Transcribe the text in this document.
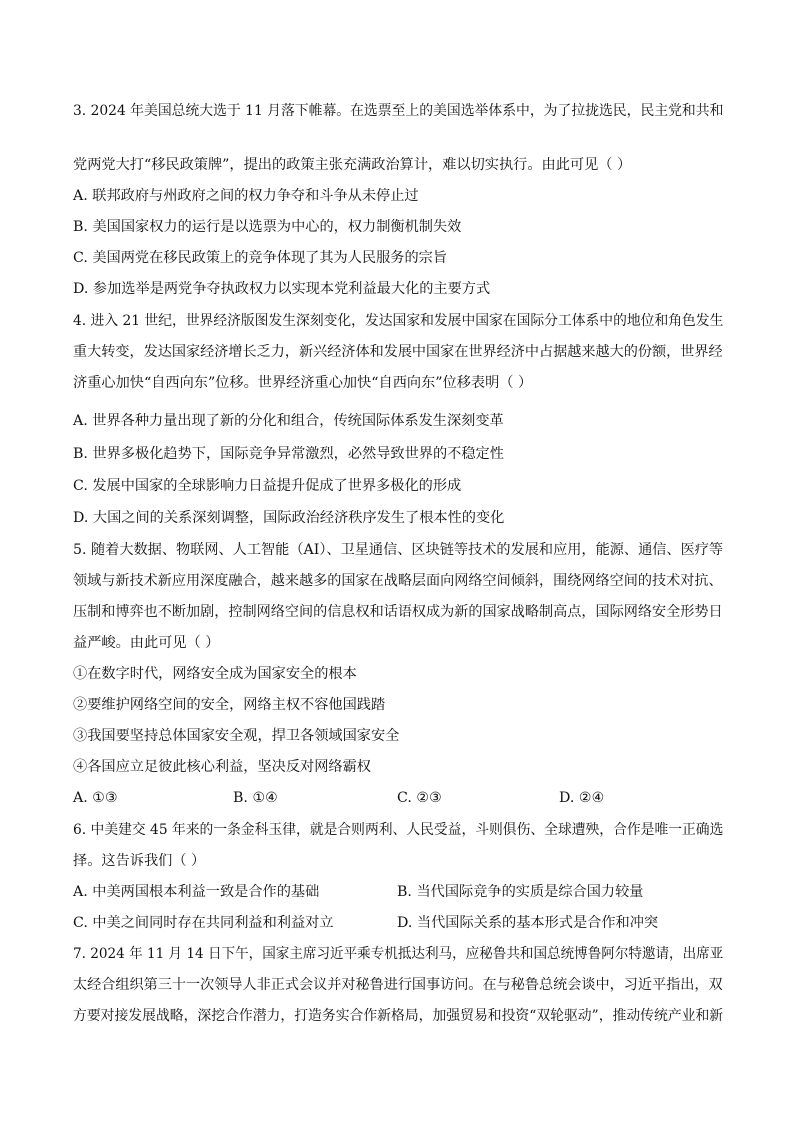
3. 2024 年美国总统大选于 11 月落下帷幕。在选票至上的美国选举体系中，为了拉拢选民，民主党和共和
党两党大打“移民政策牌”，提出的政策主张充满政治算计，难以切实执行。由此可见（ ）
A. 联邦政府与州政府之间的权力争夺和斗争从未停止过
B. 美国国家权力的运行是以选票为中心的，权力制衡机制失效
C. 美国两党在移民政策上的竞争体现了其为人民服务的宗旨
D. 参加选举是两党争夺执政权力以实现本党利益最大化的主要方式
4. 进入 21 世纪，世界经济版图发生深刻变化，发达国家和发展中国家在国际分工体系中的地位和角色发生
重大转变，发达国家经济增长乏力，新兴经济体和发展中国家在世界经济中占据越来越大的份额，世界经
济重心加快“自西向东”位移。世界经济重心加快“自西向东”位移表明（ ）
A. 世界各种力量出现了新的分化和组合，传统国际体系发生深刻变革
B. 世界多极化趋势下，国际竞争异常激烈，必然导致世界的不稳定性
C. 发展中国家的全球影响力日益提升促成了世界多极化的形成
D. 大国之间的关系深刻调整，国际政治经济秩序发生了根本性的变化
5. 随着大数据、物联网、人工智能（AI）、卫星通信、区块链等技术的发展和应用，能源、通信、医疗等
领域与新技术新应用深度融合，越来越多的国家在战略层面向网络空间倾斜，围绕网络空间的技术对抗、
压制和博弈也不断加剧，控制网络空间的信息权和话语权成为新的国家战略制高点，国际网络安全形势日
益严峻。由此可见（ ）
①在数字时代，网络安全成为国家安全的根本
②要维护网络空间的安全，网络主权不容他国践踏
③我国要坚持总体国家安全观，捍卫各领域国家安全
④各国应立足彼此核心利益，坚决反对网络霸权
A. ①③	B. ①④	C. ②③	D. ②④
6. 中美建交 45 年来的一条金科玉律，就是合则两利、人民受益，斗则俱伤、全球遭殃，合作是唯一正确选
择。这告诉我们（ ）
A. 中美两国根本利益一致是合作的基础	B. 当代国际竞争的实质是综合国力较量
C. 中美之间同时存在共同利益和利益对立	D. 当代国际关系的基本形式是合作和冲突
7. 2024 年 11 月 14 日下午，国家主席习近平乘专机抵达利马，应秘鲁共和国总统博鲁阿尔特邀请，出席亚
太经合组织第三十一次领导人非正式会议并对秘鲁进行国事访问。在与秘鲁总统会谈中，习近平指出，双
方要对接发展战略，深挖合作潜力，打造务实合作新格局，加强贸易和投资“双轮驱动”，推动传统产业和新
